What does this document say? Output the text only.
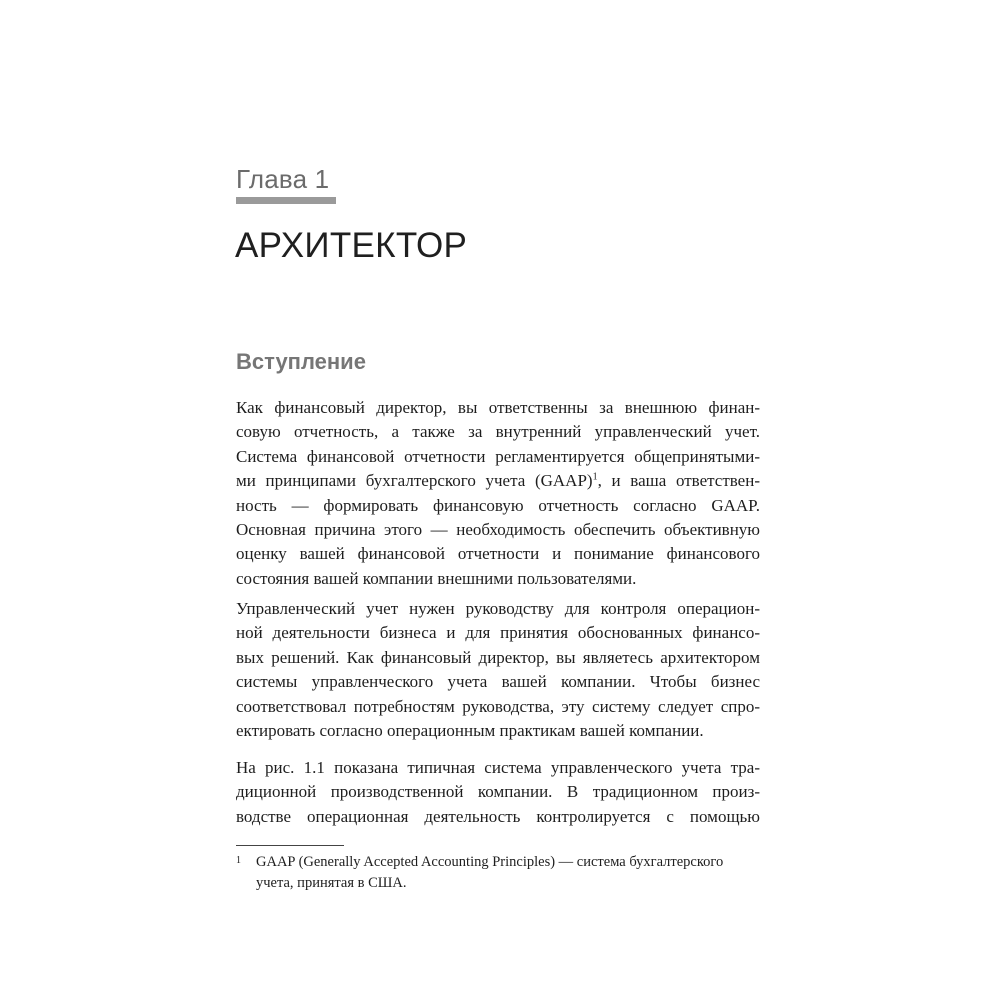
Глава 1
АРХИТЕКТОР
Вступление

Как финансовый директор, вы ответственны за внешнюю финан-
совую отчетность, а также за внутренний управленческий учет.
Система финансовой отчетности регламентируется общепринятыми-
ми принципами бухгалтерского учета (GAAP)$^1$, и ваша ответствен-
ность — формировать финансовую отчетность согласно GAAP.
Основная причина этого — необходимость обеспечить объективную
оценку вашей финансовой отчетности и понимание финансового
состояния вашей компании внешними пользователями.

Управленческий учет нужен руководству для контроля операцион-
ной деятельности бизнеса и для принятия обоснованных финансо-
вых решений. Как финансовый директор, вы являетесь архитектором
системы управленческого учета вашей компании. Чтобы бизнес
соответствовал потребностям руководства, эту систему следует спро-
ектировать согласно операционным практикам вашей компании.

На рис. 1.1 показана типичная система управленческого учета тра-
диционной производственной компании. В традиционном произ-
водстве операционная деятельность контролируется с помощью

1 GAAP (Generally Accepted Accounting Principles) — система бухгалтерского
учета, принятая в США.
